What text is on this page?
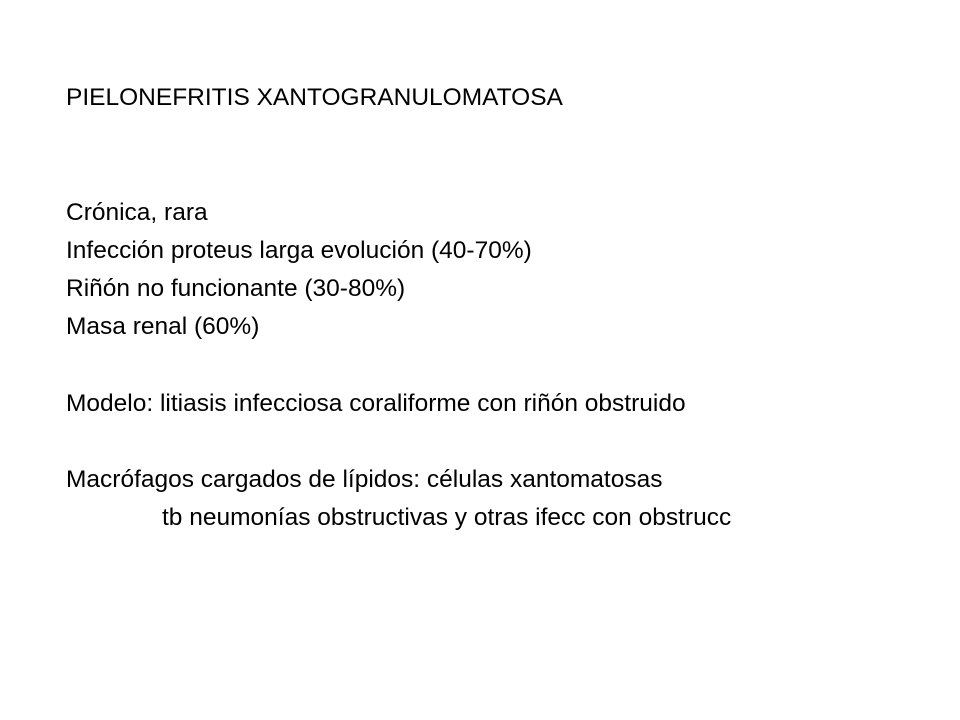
PIELONEFRITIS XANTOGRANULOMATOSA
Crónica, rara
Infección proteus larga evolución (40-70%)
Riñón no funcionante (30-80%)
Masa renal (60%)
Modelo: litiasis infecciosa coraliforme con riñón obstruido
Macrófagos cargados de lípidos: células xantomatosas
tb neumonías obstructivas y otras ifecc con obstrucc
